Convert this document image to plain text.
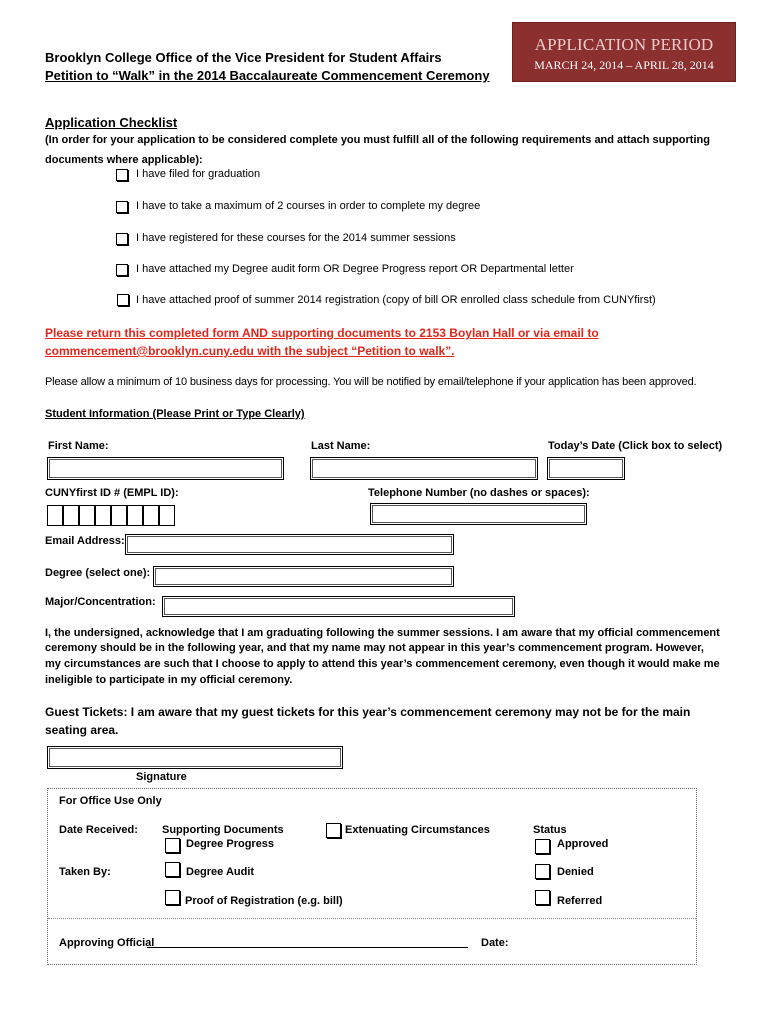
Brooklyn College Office of the Vice President for Student Affairs
Petition to “Walk” in the 2014 Baccalaureate Commencement Ceremony
APPLICATION PERIOD
MARCH 24, 2014 – APRIL 28, 2014
Application Checklist
(In order for your application to be considered complete you must fulfill all of the following requirements and attach supporting
documents where applicable):
I have filed for graduation
I have to take a maximum of 2 courses in order to complete my degree
I have registered for these courses for the 2014 summer sessions
I have attached my Degree audit form OR Degree Progress report OR Departmental letter
I have attached proof of summer 2014 registration (copy of bill OR enrolled class schedule from CUNYfirst)
Please return this completed form AND supporting documents to 2153 Boylan Hall or via email to
commencement@brooklyn.cuny.edu with the subject “Petition to walk”.
Please allow a minimum of 10 business days for processing. You will be notified by email/telephone if your application has been approved.
Student Information (Please Print or Type Clearly)
First Name:	Last Name:	Today’s Date (Click box to select)
CUNYfirst ID # (EMPL ID):	Telephone Number (no dashes or spaces):
Email Address:
Degree (select one):
Major/Concentration:
I, the undersigned, acknowledge that I am graduating following the summer sessions. I am aware that my official commencement
ceremony should be in the following year, and that my name may not appear in this year’s commencement program. However,
my circumstances are such that I choose to apply to attend this year’s commencement ceremony, even though it would make me
ineligible to participate in my official ceremony.
Guest Tickets: I am aware that my guest tickets for this year’s commencement ceremony may not be for the main
seating area.
Signature
For Office Use Only
Date Received: Supporting Documents	Extenuating Circumstances	Status
Degree Progress	Approved
Taken By:	Degree Audit	Denied
Proof of Registration (e.g. bill)	Referred
Approving Official	Date:
